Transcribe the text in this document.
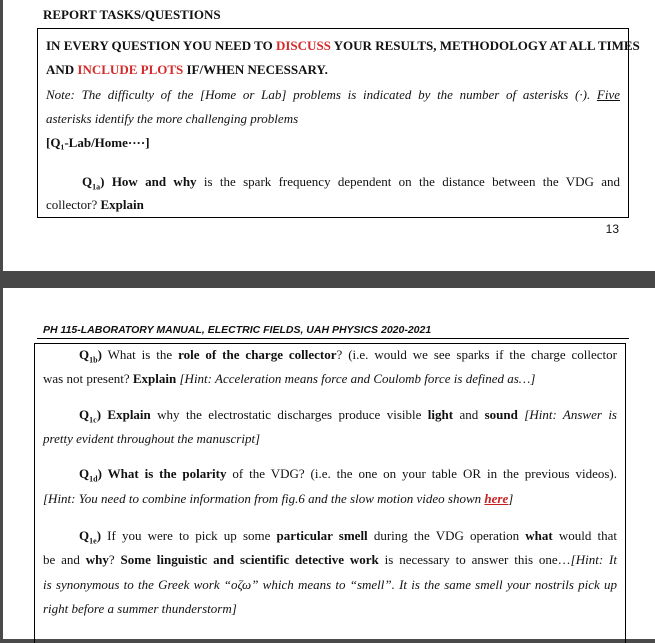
REPORT TASKS/QUESTIONS
IN EVERY QUESTION YOU NEED TO DISCUSS YOUR RESULTS, METHODOLOGY AT ALL TIMES
AND INCLUDE PLOTS IF/WHEN NECESSARY.
Note: The difficulty of the [Home or Lab] problems is indicated by the number of asterisks (·). Five
asterisks identify the more challenging problems
[Q₁-Lab/Home····]
$Q_{1a}$) How and why is the spark frequency dependent on the distance between the VDG and
collector? Explain
13
PH 115-LABORATORY MANUAL, ELECTRIC FIELDS, UAH PHYSICS 2020-2021
$Q_{1b}$) What is the role of the charge collector? (i.e. would we see sparks if the charge collector
was not present? Explain [Hint: Acceleration means force and Coulomb force is defined as…]
$Q_{1c}$) Explain why the electrostatic discharges produce visible light and sound [Hint: Answer is
pretty evident throughout the manuscript]
$Q_{1d}$) What is the polarity of the VDG? (i.e. the one on your table OR in the previous videos).
[Hint: You need to combine information from fig.6 and the slow motion video shown here]
$Q_{1e}$) If you were to pick up some particular smell during the VDG operation what would that
be and why? Some linguistic and scientific detective work is necessary to answer this one…[Hint: It
is synonymous to the Greek work “oζω” which means to “smell”. It is the same smell your nostrils pick up
right before a summer thunderstorm]
